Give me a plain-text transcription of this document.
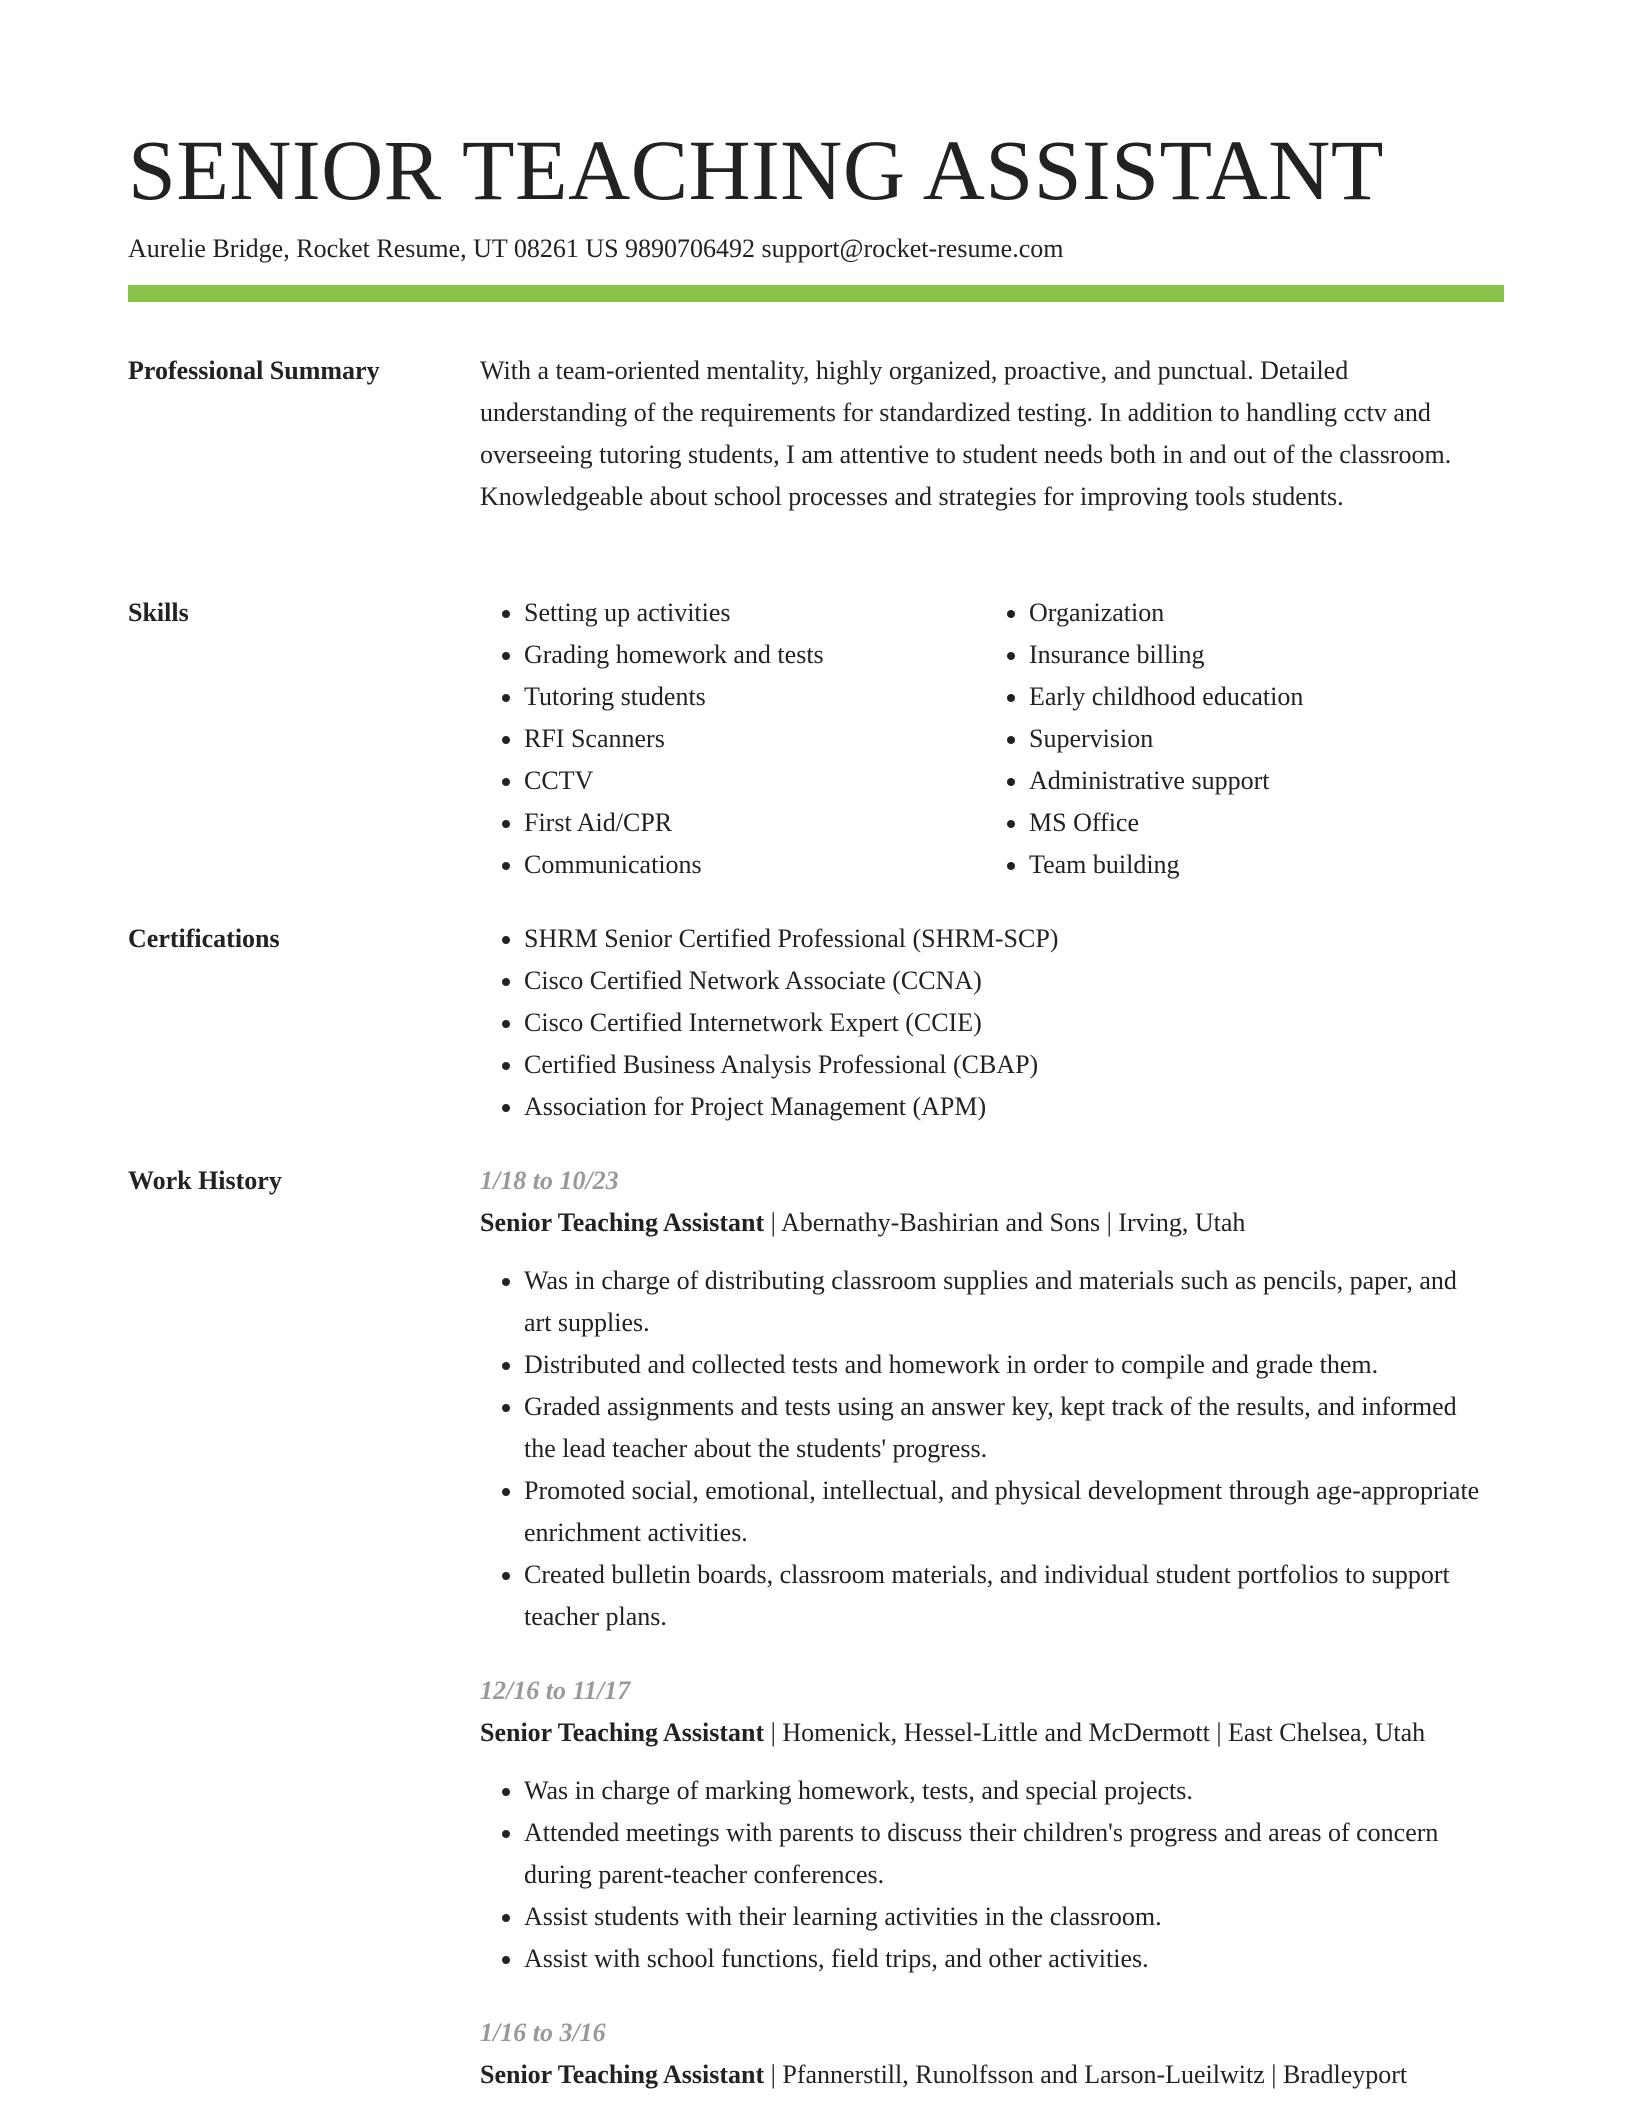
SENIOR TEACHING ASSISTANT
Aurelie Bridge, Rocket Resume, UT 08261 US 9890706492 support@rocket-resume.com
Professional Summary	With a team-oriented mentality, highly organized, proactive, and punctual. Detailed understanding of the requirements for standardized testing. In addition to handling cctv and overseeing tutoring students, I am attentive to student needs both in and out of the classroom. Knowledgeable about school processes and strategies for improving tools students.

Skills	• Setting up activities
• Grading homework and tests
• Tutoring students
• RFI Scanners
• CCTV
• First Aid/CPR
• Communications
• Organization
• Insurance billing
• Early childhood education
• Supervision
• Administrative support
• MS Office
• Team building
Certifications	• SHRM Senior Certified Professional (SHRM-SCP)
• Cisco Certified Network Associate (CCNA)
• Cisco Certified Internetwork Expert (CCIE)
• Certified Business Analysis Professional (CBAP)
• Association for Project Management (APM)
Work History	1/18 to 10/23
Senior Teaching Assistant | Abernathy-Bashirian and Sons | Irving, Utah
• Was in charge of distributing classroom supplies and materials such as pencils, paper, and art supplies.
• Distributed and collected tests and homework in order to compile and grade them.
• Graded assignments and tests using an answer key, kept track of the results, and informed the lead teacher about the students' progress.
• Promoted social, emotional, intellectual, and physical development through age-appropriate enrichment activities.
• Created bulletin boards, classroom materials, and individual student portfolios to support teacher plans.
12/16 to 11/17
Senior Teaching Assistant | Homenick, Hessel-Little and McDermott | East Chelsea, Utah
• Was in charge of marking homework, tests, and special projects.
• Attended meetings with parents to discuss their children's progress and areas of concern during parent-teacher conferences.
• Assist students with their learning activities in the classroom.
• Assist with school functions, field trips, and other activities.
1/16 to 3/16
Senior Teaching Assistant | Pfannerstill, Runolfsson and Larson-Lueilwitz | Bradleyport
